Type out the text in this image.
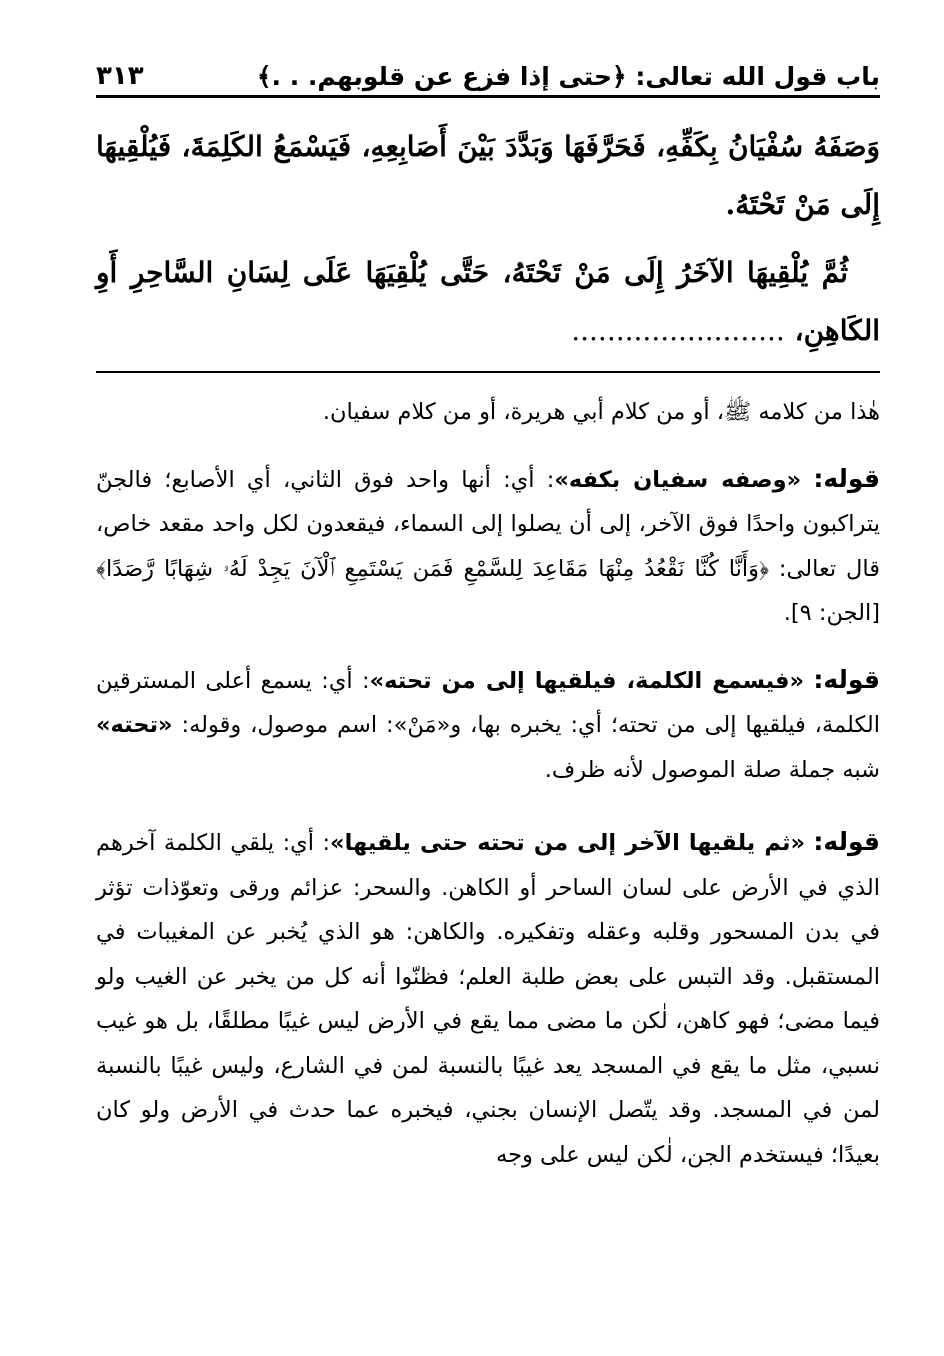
باب قول الله تعالى: ﴿حتى إذا فزع عن قلوبهم. . .﴾
٣١٣

وَصَفَهُ سُفْيَانُ بِكَفِّهِ، فَحَرَّفَهَا وَبَدَّدَ بَيْنَ أَصَابِعِهِ، فَيَسْمَعُ الكَلِمَةَ، فَيُلْقِيهَا إِلَى مَنْ تَحْتَهُ.

ثُمَّ يُلْقِيهَا الآخَرُ إِلَى مَنْ تَحْتَهُ، حَتَّى يُلْقِيَهَا عَلَى لِسَانِ السَّاحِرِ أَوِ الكَاهِنِ، ........................

هٰذا من كلامه ﷺ، أو من كلام أبي هريرة، أو من كلام سفيان.

قوله: «وصفه سفيان بكفه»: أي: أنها واحد فوق الثاني، أي الأصابع؛ فالجنّ يتراكبون واحدًا فوق الآخر، إلى أن يصلوا إلى السماء، فيقعدون لكل واحد مقعد خاص، قال تعالى: ﴿وَأَنَّا كُنَّا نَقْعُدُ مِنْهَا مَقَاعِدَ لِلسَّمْعِ فَمَن يَسْتَمِعِ ٱلْآنَ يَجِدْ لَهُۥ شِهَابًا رَّصَدًا﴾ [الجن: ٩].

قوله: «فيسمع الكلمة، فيلقيها إلى من تحته»: أي: يسمع أعلى المسترقين الكلمة، فيلقيها إلى من تحته؛ أي: يخبره بها، و«مَنْ»: اسم موصول، وقوله: «تحته» شبه جملة صلة الموصول لأنه ظرف.

قوله: «ثم يلقيها الآخر إلى من تحته حتى يلقيها»: أي: يلقي الكلمة آخرهم الذي في الأرض على لسان الساحر أو الكاهن. والسحر: عزائم ورقى وتعوّذات تؤثر في بدن المسحور وقلبه وعقله وتفكيره. والكاهن: هو الذي يُخبر عن المغيبات في المستقبل. وقد التبس على بعض طلبة العلم؛ فظنّوا أنه كل من يخبر عن الغيب ولو فيما مضى؛ فهو كاهن، لٰكن ما مضى مما يقع في الأرض ليس غيبًا مطلقًا، بل هو غيب نسبي، مثل ما يقع في المسجد يعد غيبًا بالنسبة لمن في الشارع، وليس غيبًا بالنسبة لمن في المسجد. وقد يتّصل الإنسان بجني، فيخبره عما حدث في الأرض ولو كان بعيدًا؛ فيستخدم الجن، لٰكن ليس على وجه
